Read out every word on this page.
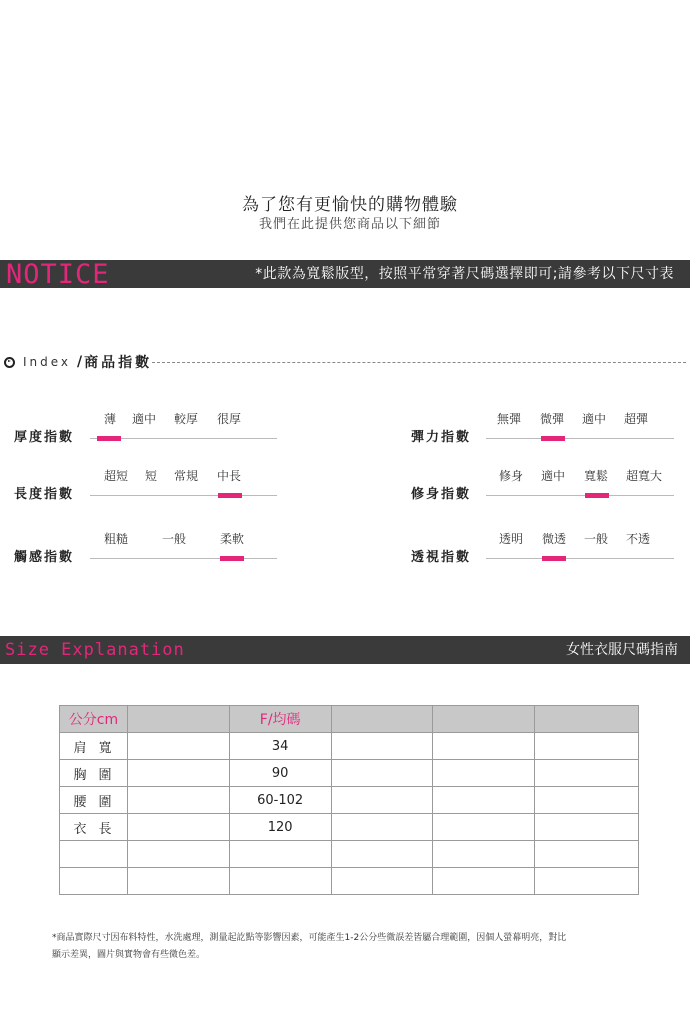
為了您有更愉快的購物體驗
我們在此提供您商品以下細節
NOTICE	*此款為寬鬆版型，按照平常穿著尺碼選擇即可;請參考以下尺寸表
Index / 商品指數
厚度指數
薄 適中 較厚 很厚
彈力指數
無彈 微彈 適中 超彈
長度指數
超短 短 常規 中長
修身指數
修身 適中 寬鬆 超寬大
觸感指數
粗糙	一般	柔軟
透視指數
透明 微透 一般 不透
Size Explanation	女性衣服尺碼指南
公分cm		F/均碼			
肩寬		34			
胸圍		90			
腰圍		60-102			
衣長		120			

*商品實際尺寸因布料特性，水洗處理，測量起訖點等影響因素，可能產生1-2公分些微誤差皆屬合理範圍，因個人螢幕明亮，對比
顯示差異，圖片與實物會有些微色差。
